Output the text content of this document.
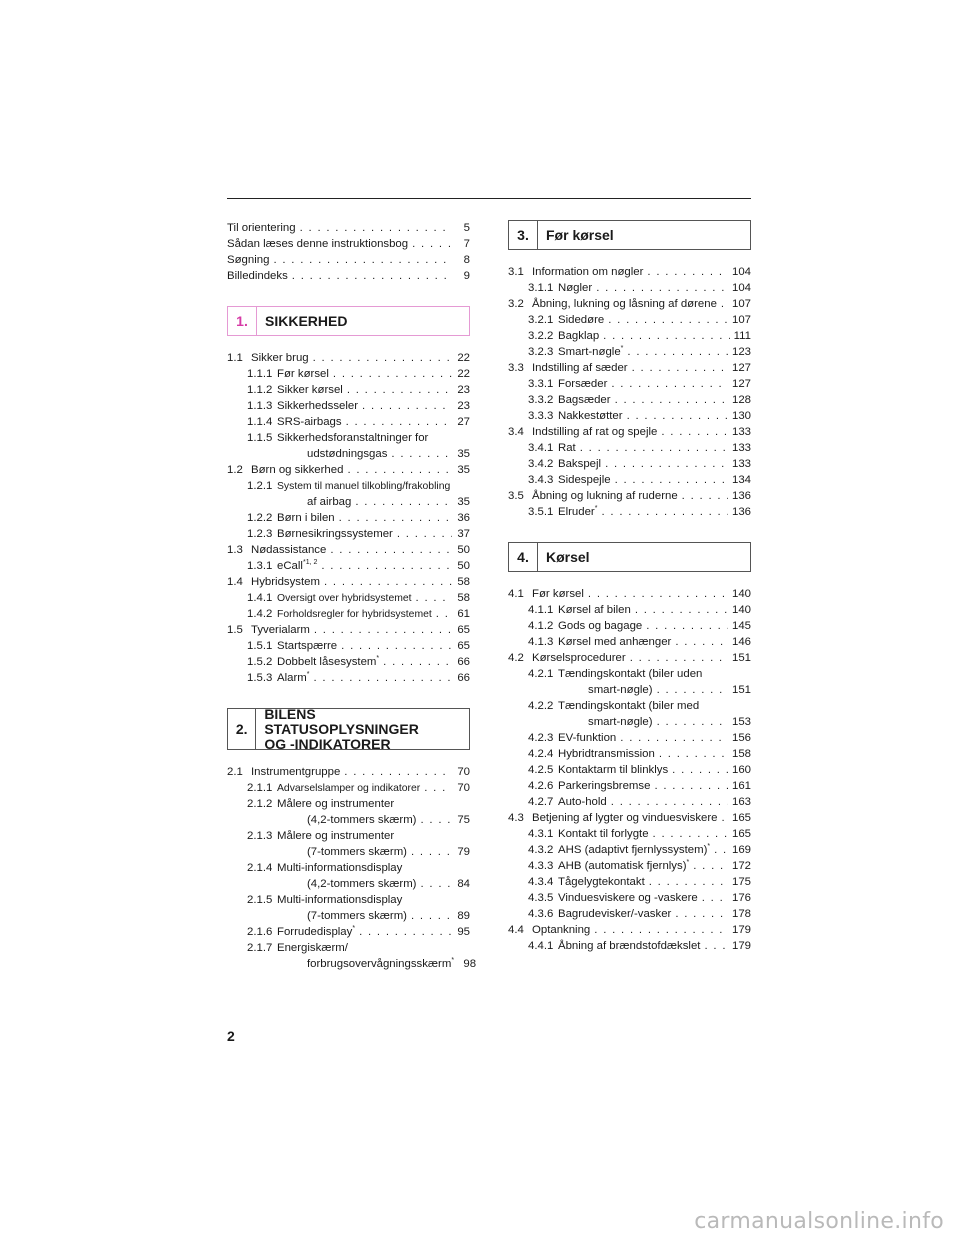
Til orientering . . .	5
Sådan læses denne instruktionsbog . . .	7
Søgning . . .	8
Billedindeks . . .	9
1.	SIKKERHED
1.1 Sikker brug . . .	22
1.1.1 Før kørsel . . .	22
1.1.2 Sikker kørsel . . .	23
1.1.3 Sikkerhedsseler . . .	23
1.1.4 SRS-airbags . . .	27
1.1.5 Sikkerhedsforanstaltninger for
udstødningsgas . . .	35
1.2 Børn og sikkerhed . . .	35
1.2.1 System til manuel tilkobling/frakobling
af airbag . . .	35
1.2.2 Børn i bilen . . .	36
1.2.3 Børnesikringssystemer . . .	37
1.3 Nødassistance . . .	50
1.3.1 eCall$^{*1, 2}$ . . .	50
1.4 Hybridsystem . . .	58
1.4.1 Oversigt over hybridsystemet . . .	58
1.4.2 Forholdsregler for hybridsystemet . . . 61
1.5 Tyverialarm . . .	65
1.5.1 Startspærre . . .	65
1.5.2 Dobbelt låsesystem* . . .	66
1.5.3 Alarm* . . .	66
2.
BILENS STATUSOPLYSNINGER
OG -INDIKATORER
2.1 Instrumentgruppe . . .	70
2.1.1 Advarselslamper og indikatorer . . .	70
2.1.2 Målere og instrumenter
(4,2-tommers skærm) . . .	75
2.1.3 Målere og instrumenter
(7-tommers skærm) . . .	79
2.1.4 Multi-informationsdisplay
(4,2-tommers skærm) . . .	84
2.1.5 Multi-informationsdisplay
(7-tommers skærm) . . .	89
2.1.6 Forrudedisplay* . . .	95
2.1.7 Energiskærm/
forbrugsovervågningsskærm* 98
3.	Før kørsel
3.1 Information om nøgler . . .	104
3.1.1 Nøgler . . .	104
3.2 Åbning, lukning og låsning af dørene . . . 107
3.2.1 Sidedøre . . .	107
3.2.2 Bagklap . . .	111
3.2.3 Smart-nøgle* . . .	123
3.3 Indstilling af sæder . . .	127
3.3.1 Forsæder . . .	127
3.3.2 Bagsæder . . .	128
3.3.3 Nakkestøtter . . .	130
3.4 Indstilling af rat og spejle . . .	133
3.4.1 Rat . . .	133
3.4.2 Bakspejl . . .	133
3.4.3 Sidespejle . . .	134
3.5 Åbning og lukning af ruderne . . .	136
3.5.1 Elruder* . . .	136
4.	Kørsel
4.1 Før kørsel . . .	140
4.1.1 Kørsel af bilen . . .	140
4.1.2 Gods og bagage . . .	145
4.1.3 Kørsel med anhænger . . .	146
4.2 Kørselsprocedurer . . .	151
4.2.1 Tændingskontakt (biler uden
smart-nøgle) . . .	151
4.2.2 Tændingskontakt (biler med
smart-nøgle) . . .	153
4.2.3 EV-funktion . . .	156
4.2.4 Hybridtransmission . . .	158
4.2.5 Kontaktarm til blinklys . . .	160
4.2.6 Parkeringsbremse . . .	161
4.2.7 Auto-hold . . .	163
4.3 Betjening af lygter og vinduesviskere . . . 165
4.3.1 Kontakt til forlygte . . .	165
4.3.2 AHS (adaptivt fjernlyssystem)* . . . 169
4.3.3 AHB (automatisk fjernlys)* . . .	172
4.3.4 Tågelygtekontakt . . .	175
4.3.5 Vinduesviskere og -vaskere . . .	176
4.3.6 Bagrudevisker/-vasker . . .	178
4.4 Optankning . . .	179
4.4.1 Åbning af brændstofdækslet . . .	179
2
carmanualsonline.info
